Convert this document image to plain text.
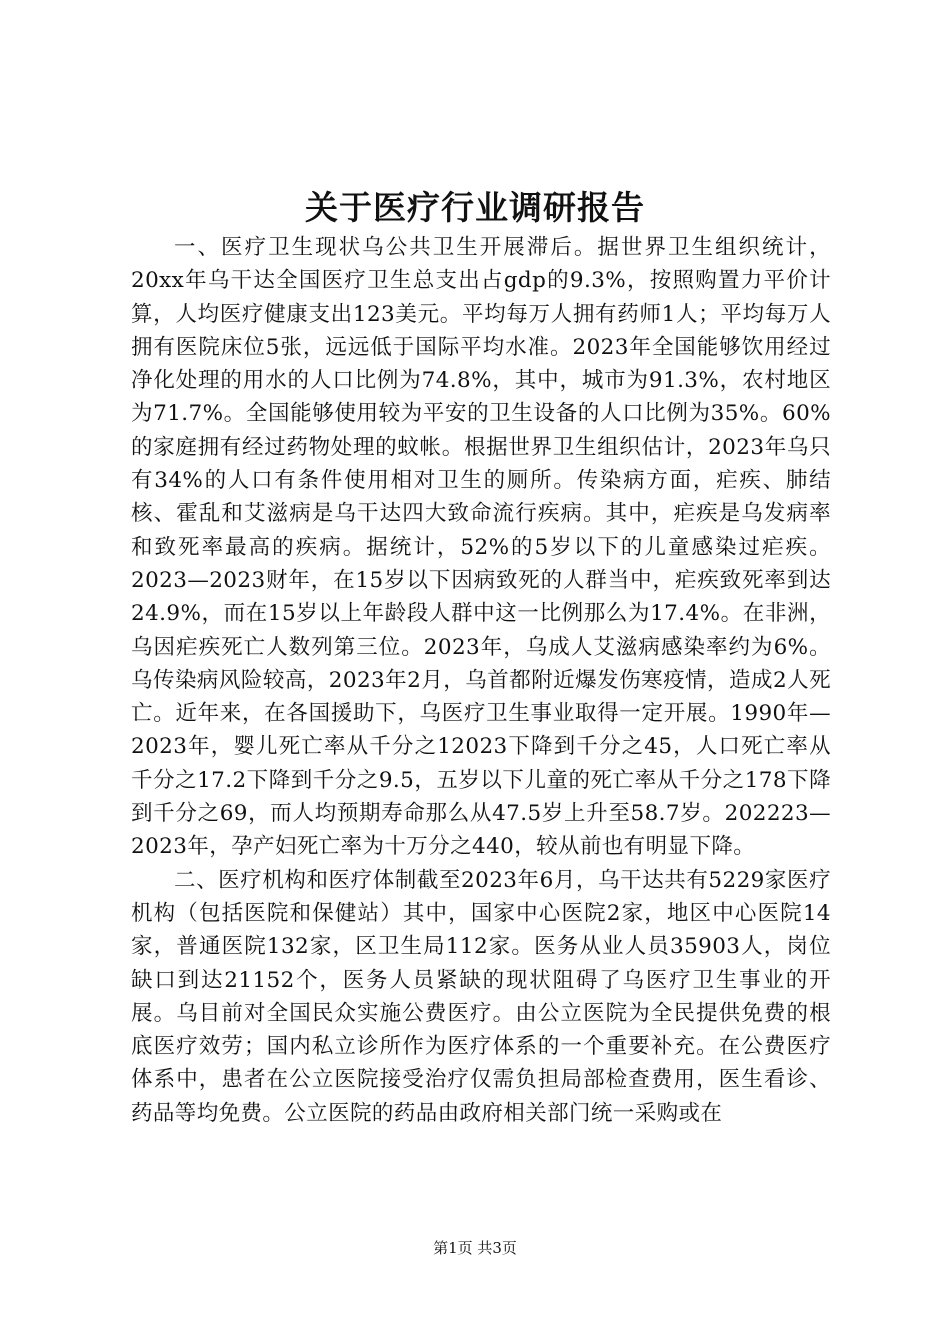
关于医疗行业调研报告

一、医疗卫生现状乌公共卫生开展滞后。据世界卫生组织统计，20xx年乌干达全国医疗卫生总支出占gdp的9.3%，按照购置力平价计算，人均医疗健康支出123美元。平均每万人拥有药师1人；平均每万人拥有医院床位5张，远远低于国际平均水准。2023年全国能够饮用经过净化处理的用水的人口比例为74.8%，其中，城市为91.3%，农村地区为71.7%。全国能够使用较为平安的卫生设备的人口比例为35%。60%的家庭拥有经过药物处理的蚊帐。根据世界卫生组织估计，2023年乌只有34%的人口有条件使用相对卫生的厕所。传染病方面，疟疾、肺结核、霍乱和艾滋病是乌干达四大致命流行疾病。其中，疟疾是乌发病率和致死率最高的疾病。据统计，52%的5岁以下的儿童感染过疟疾。2023—2023财年，在15岁以下因病致死的人群当中，疟疾致死率到达24.9%，而在15岁以上年龄段人群中这一比例那么为17.4%。在非洲，乌因疟疾死亡人数列第三位。2023年，乌成人艾滋病感染率约为6%。乌传染病风险较高，2023年2月，乌首都附近爆发伤寒疫情，造成2人死亡。近年来，在各国援助下，乌医疗卫生事业取得一定开展。1990年—2023年，婴儿死亡率从千分之12023下降到千分之45，人口死亡率从千分之17.2下降到千分之9.5，五岁以下儿童的死亡率从千分之178下降到千分之69，而人均预期寿命那么从47.5岁上升至58.7岁。202223—2023年，孕产妇死亡率为十万分之440，较从前也有明显下降。

二、医疗机构和医疗体制截至2023年6月，乌干达共有5229家医疗机构（包括医院和保健站）其中，国家中心医院2家，地区中心医院14家，普通医院132家，区卫生局112家。医务从业人员35903人，岗位缺口到达21152个，医务人员紧缺的现状阻碍了乌医疗卫生事业的开展。乌目前对全国民众实施公费医疗。由公立医院为全民提供免费的根底医疗效劳；国内私立诊所作为医疗体系的一个重要补充。在公费医疗体系中，患者在公立医院接受治疗仅需负担局部检查费用，医生看诊、药品等均免费。公立医院的药品由政府相关部门统一采购或在

第1页 共3页
